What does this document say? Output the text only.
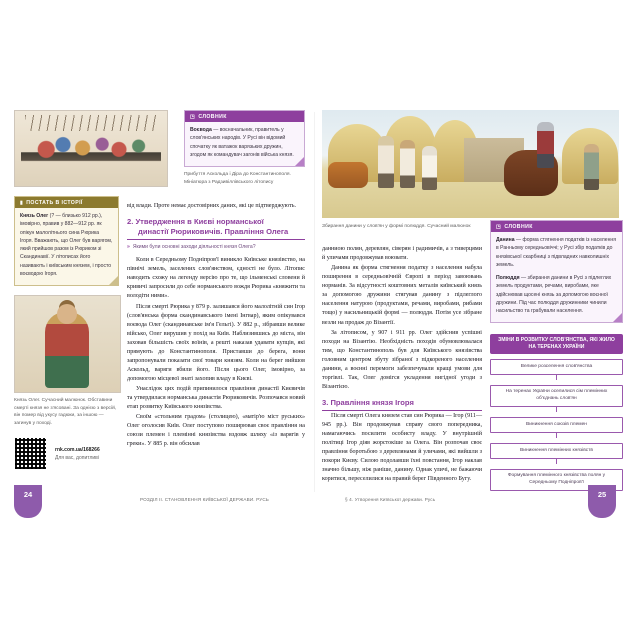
▮ ПОСТАТЬ В ІСТОРІЇ
Князь Олег (? — близько 912 рр.), імовірно, правив у 882—912 рр. як опікун малолітнього сина Рюрика Ігоря. Вважають, що Олег був варягом, який прийшов разом із Рюриком зі Скандинавії. У літописах його називають і київським князем, і просто воєводою Ігоря.
Князь Олег. Сучасний малюнок. Обставини смерті князя не з'ясовані. За однією з версій, він помер від укусу гадюки, за іншою — загинув у поході.
rnk.com.ua/168266
Для вас, допитливі
◳ СЛОВНИК
Воєвода — воєначальник, правитель у слов'янських народів. У Русі він відомий спочатку як ватажок варязьких дружин, згодом як командувач загонів війська князя.
Прибуття Аскольда і Діра до Константинополя. Мініатюра з Радзивіллівського літопису

від влади. Проте немає достовірних даних, які це підтверджують.

2. Утвердження в Києві норманської
династії Рюриковичів. Правління Олега
» Якими були основні заходи діяльності князя Олега?

Коли в Середньому Подніпров'ї виникло Київське князівство, на північі земель, заселених слов'янством, єдності не було. Літопис наводить схожу на легенду версію про те, що ільменські словени й кривичі запросили до себе норманського вождя Рюрика «княжити та володіти ними».

Після смерті Рюрика у 879 р. залишався його малолітній син Ігор (слов'янська форма скандинавського імені Інгвар), яким опікувався воєвода Олег (скандинавське ім'я Гельгі). У 882 р., зібравши велике військо, Олег вирушив у похід на Київ. Наблизившись до міста, він заховав більшість своїх воїнів, а решті наказав удавати купців, які прямують до Константинополя. Приставши до берега, вони запропонували показати свої товари князям. Коли на берег вийшов Аскольд, варяги вбили його. Після цього Олег, імовірно, за допомогою місцевої знаті захопив владу в Києві.

Унаслідок цих подій припинилося правління династії Києвичів та утвердилася норманська династія Рюриковичів. Розпочався новий етап розвитку Київського князівства.

Своїм «стольним градом» (столицею), «матір'ю міст руських» Олег оголосив Київ. Олег поступово поширював своє правління на союзи племен і племінні князівства вздовж шляху «із варягів у греки». У 885 р. він обсилав

Збирання данини у слов'ян у формі полюддя. Сучасний малюнок

данниою полян, деревлян, сіверян і радимичів, а з тиверцями й уличами продовжував воювати.

Данина як форма стягнення податку з населення набула поширення в середньовічній Європі в період завоювань норманів. За відсутності коштовних металів київський князь за допомогою дружини стягував данину з підлеглого населення натурою (продуктами, речами, виробами, рибами тощо) у насильницькій формі — полюддя. Потім усе зібране везли на продаж до Візантії.

За літописом, у 907 і 911 рр. Олег здійснив успішні походи на Візантію. Необхідність походів обумовлювалася тим, що Константинополь був для Київського князівства головним центром збуту зібраної з підкореного населення данини, а воєнні перемоги забезпечували кращі умови для торгівлі. Так, Олег домігся укладення вигідної угоди з Візантією.

3. Правління князя Ігоря

Після смерті Олега князем став син Рюрика — Ігор (911—945 рр.). Він продовжував справу свого попередника, намагаючись посилити особисту владу. У внутрішній політиці Ігор діяв жорстокіше за Олега. Він розпочав своє правління боротьбою з деревлянами й уличами, які вийшли з покори Києву. Силою подолавши їхні повстання, Ігор наклав значно більшу, ніж раніше, данину. Однак уличі, не бажаючи коритися, переселилися на правий берег Південного Бугу.

◳ СЛОВНИК
Данина — форма стягнення податків із населення в Ранньому середньовіччі; у Русі збір податків до князівської скарбниці з підвладних навколишніх земель.
Полюддя — збирання данини в Русі з підлеглих земель продуктами, речами, виробами, яке здійснював щосені князь за допомогою воєнної дружини. Під час полюддя дружинники чинили насильство та грабували населення.
ЗМІНИ В РОЗВИТКУ СЛОВ'ЯНСТВА, ЯКІ ЖИЛО НА ТЕРЕНАХ УКРАЇНИ
Велике розселення слов'янства
На теренах України оселилися сім племінних об'єднань слов'ян
Виникнення союзів племен
Виникнення племінних князівств
Формування племінного князівства полян у Середньому Подніпров'ї
24	25
РОЗДІЛ ІІ. СТАНОВЛЕННЯ КИЇВСЬКОЇ ДЕРЖАВИ. РУСЬ	§ 4. Утворення Київської держави. Русь
